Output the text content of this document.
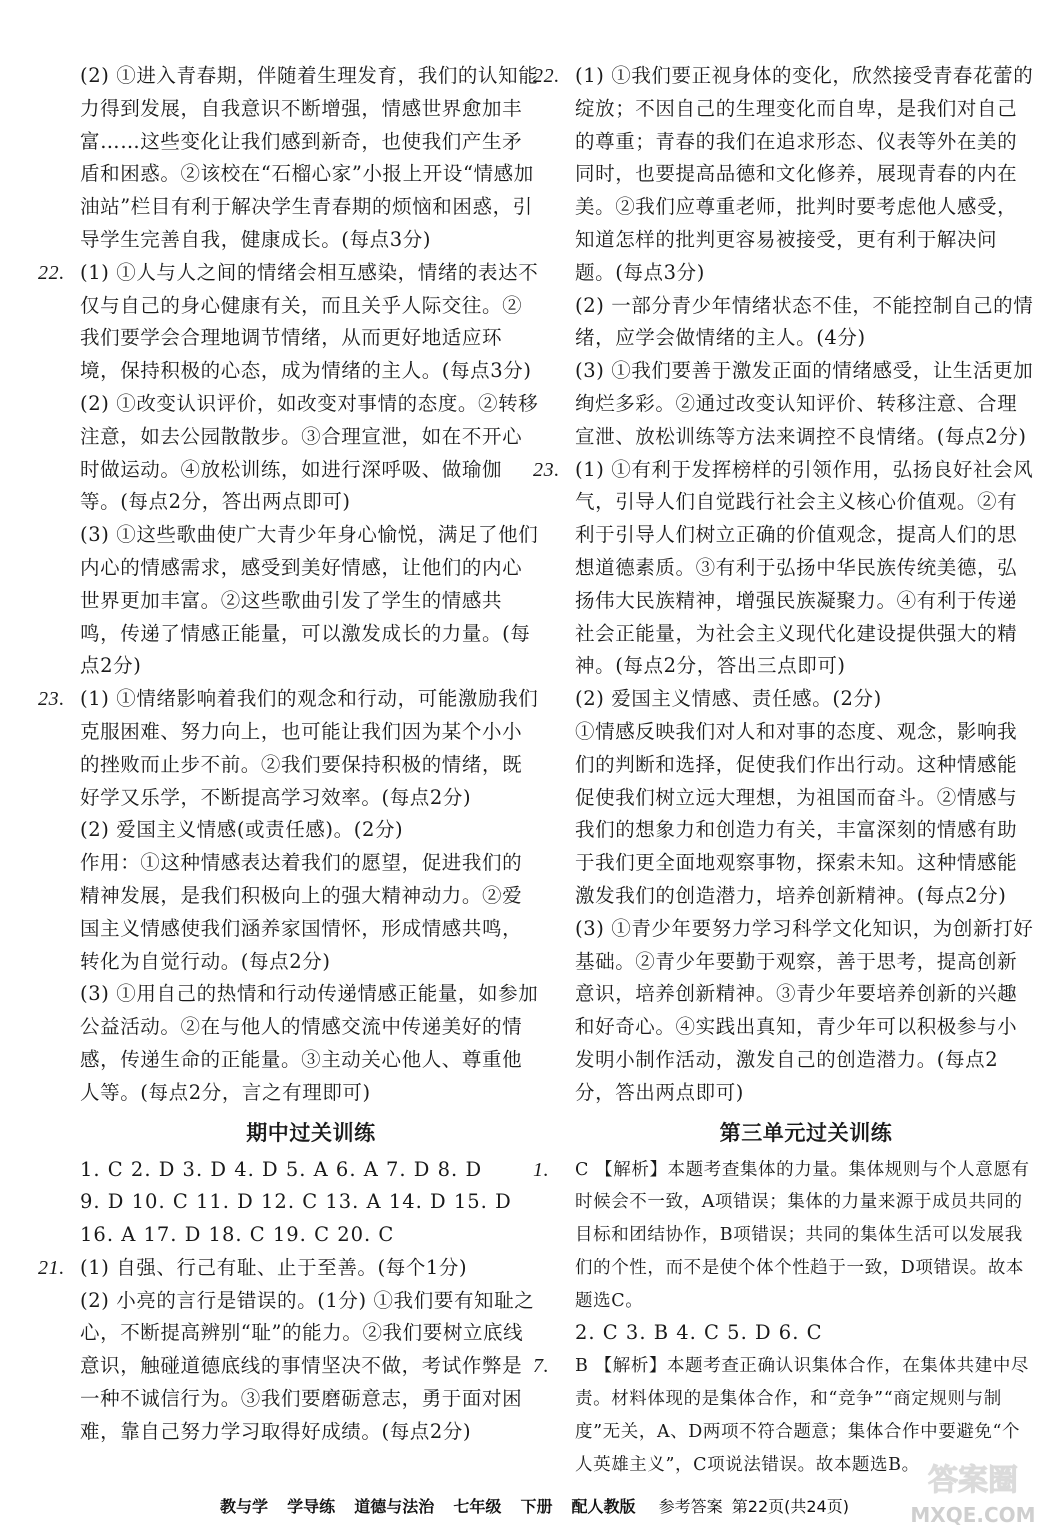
(2) ①进入青春期，伴随着生理发育，我们的认知能力得到发展，自我意识不断增强，情感世界愈加丰富……这些变化让我们感到新奇，也使我们产生矛盾和困惑。②该校在“石榴心家”小报上开设“情感加油站”栏目有利于解决学生青春期的烦恼和困惑，引导学生完善自我，健康成长。(每点3分)

22. (1) ①人与人之间的情绪会相互感染，情绪的表达不仅与自己的身心健康有关，而且关乎人际交往。②我们要学会合理地调节情绪，从而更好地适应环境，保持积极的心态，成为情绪的主人。(每点3分)

(2) ①改变认识评价，如改变对事情的态度。②转移注意，如去公园散散步。③合理宣泄，如在不开心时做运动。④放松训练，如进行深呼吸、做瑜伽等。(每点2分，答出两点即可)

(3) ①这些歌曲使广大青少年身心愉悦，满足了他们内心的情感需求，感受到美好情感，让他们的内心世界更加丰富。②这些歌曲引发了学生的情感共鸣，传递了情感正能量，可以激发成长的力量。(每点2分)

23. (1) ①情绪影响着我们的观念和行动，可能激励我们克服困难、努力向上，也可能让我们因为某个小小的挫败而止步不前。②我们要保持积极的情绪，既好学又乐学，不断提高学习效率。(每点2分)

(2) 爱国主义情感(或责任感)。(2分)

作用：①这种情感表达着我们的愿望，促进我们的精神发展，是我们积极向上的强大精神动力。②爱国主义情感使我们涵养家国情怀，形成情感共鸣，转化为自觉行动。(每点2分)

(3) ①用自己的热情和行动传递情感正能量，如参加公益活动。②在与他人的情感交流中传递美好的情感，传递生命的正能量。③主动关心他人、尊重他人等。(每点2分，言之有理即可)

期中过关训练

1. C 2. D 3. D 4. D 5. A 6. A 7. D 8. D

9. D 10. C 11. D 12. C 13. A 14. D 15. D

16. A 17. D 18. C 19. C 20. C

21. (1) 自强、行己有耻、止于至善。(每个1分)

(2) 小亮的言行是错误的。(1分) ①我们要有知耻之心，不断提高辨别“耻”的能力。②我们要树立底线意识，触碰道德底线的事情坚决不做，考试作弊是一种不诚信行为。③我们要磨砺意志，勇于面对困难，靠自己努力学习取得好成绩。(每点2分)

22. (1) ①我们要正视身体的变化，欣然接受青春花蕾的绽放；不因自己的生理变化而自卑，是我们对自己的尊重；青春的我们在追求形态、仪表等外在美的同时，也要提高品德和文化修养，展现青春的内在美。②我们应尊重老师，批判时要考虑他人感受，知道怎样的批判更容易被接受，更有利于解决问题。(每点3分)

(2) 一部分青少年情绪状态不佳，不能控制自己的情绪，应学会做情绪的主人。(4分)

(3) ①我们要善于激发正面的情绪感受，让生活更加绚烂多彩。②通过改变认知评价、转移注意、合理宣泄、放松训练等方法来调控不良情绪。(每点2分)

23. (1) ①有利于发挥榜样的引领作用，弘扬良好社会风气，引导人们自觉践行社会主义核心价值观。②有利于引导人们树立正确的价值观念，提高人们的思想道德素质。③有利于弘扬中华民族传统美德，弘扬伟大民族精神，增强民族凝聚力。④有利于传递社会正能量，为社会主义现代化建设提供强大的精神。(每点2分，答出三点即可)

(2) 爱国主义情感、责任感。(2分)

①情感反映我们对人和对事的态度、观念，影响我们的判断和选择，促使我们作出行动。这种情感能促使我们树立远大理想，为祖国而奋斗。②情感与我们的想象力和创造力有关，丰富深刻的情感有助于我们更全面地观察事物，探索未知。这种情感能激发我们的创造潜力，培养创新精神。(每点2分)

(3) ①青少年要努力学习科学文化知识，为创新打好基础。②青少年要勤于观察，善于思考，提高创新意识，培养创新精神。③青少年要培养创新的兴趣和好奇心。④实践出真知，青少年可以积极参与小发明小制作活动，激发自己的创造潜力。(每点2分，答出两点即可)

第三单元过关训练
1. C 【解析】本题考查集体的力量。集体规则与个人意愿有时候会不一致，A项错误；集体的力量来源于成员共同的目标和团结协作，B项错误；共同的集体生活可以发展我们的个性，而不是使个体个性趋于一致，D项错误。故本题选C。

2. C 3. B 4. C 5. D 6. C

7. B 【解析】本题考查正确认识集体合作，在集体共建中尽责。材料体现的是集体合作，和“竞争”“商定规则与制度”无关，A、D两项不符合题意；集体合作中要避免“个人英雄主义”，C项说法错误。故本题选B。

教与学 学导练 道德与法治 七年级 下册 配人教版 参考答案 第22页(共24页)
答案圈
MXQE.COM
